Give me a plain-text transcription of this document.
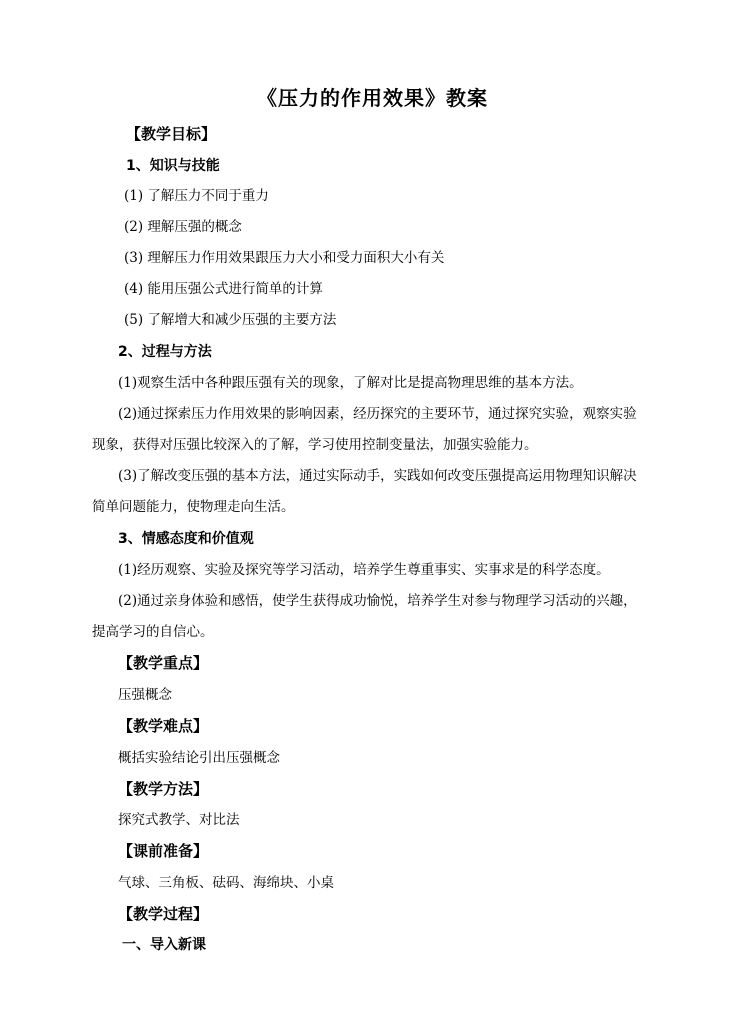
《压力的作用效果》教案
【教学目标】
1、知识与技能
(1) 了解压力不同于重力
(2) 理解压强的概念
(3) 理解压力作用效果跟压力大小和受力面积大小有关
(4) 能用压强公式进行简单的计算
(5) 了解增大和减少压强的主要方法
2、过程与方法
(1)观察生活中各种跟压强有关的现象，了解对比是提高物理思维的基本方法。
(2)通过探索压力作用效果的影响因素，经历探究的主要环节，通过探究实验，观察实验
现象，获得对压强比较深入的了解，学习使用控制变量法，加强实验能力。
(3)了解改变压强的基本方法，通过实际动手，实践如何改变压强提高运用物理知识解决
简单问题能力，使物理走向生活。
3、情感态度和价值观
(1)经历观察、实验及探究等学习活动，培养学生尊重事实、实事求是的科学态度。
(2)通过亲身体验和感悟，使学生获得成功愉悦，培养学生对参与物理学习活动的兴趣，
提高学习的自信心。
【教学重点】
压强概念
【教学难点】
概括实验结论引出压强概念
【教学方法】
探究式教学、对比法
【课前准备】
气球、三角板、砝码、海绵块、小桌
【教学过程】
一、导入新课
